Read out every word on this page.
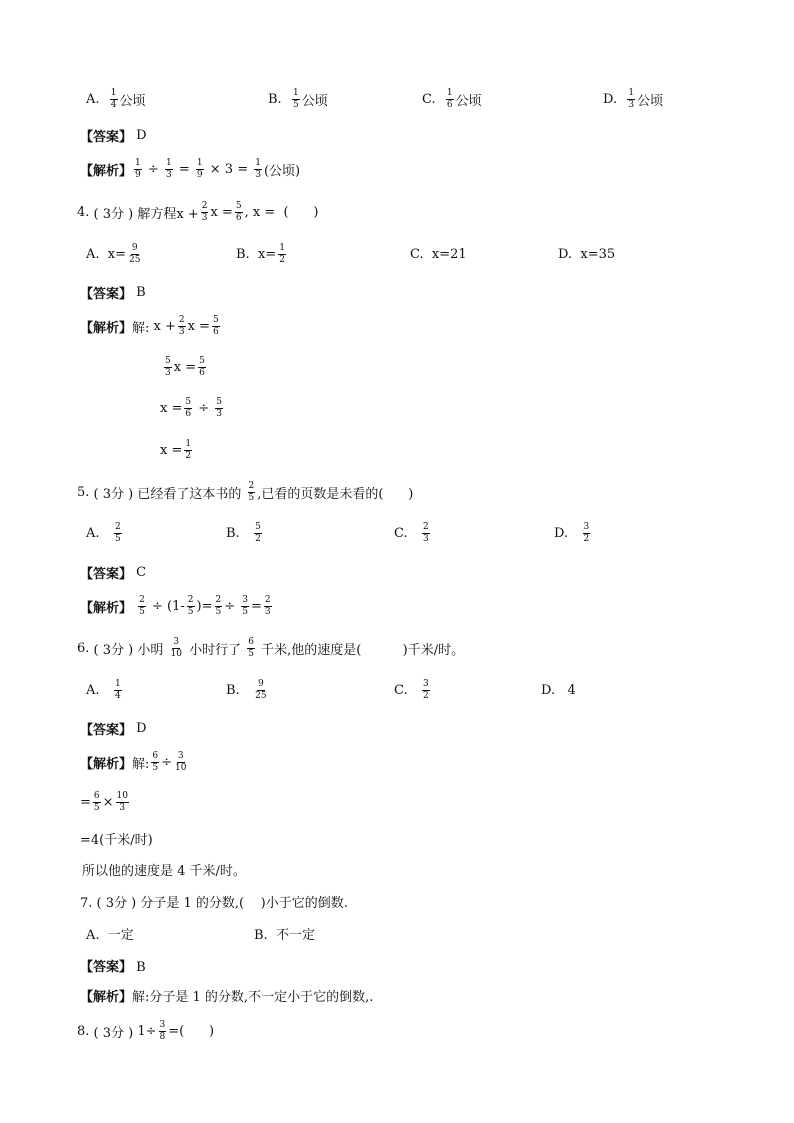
A.
$\frac{1}{4}$ 公顷	B.
$\frac{1}{5}$ 公顷	C.
$\frac{1}{6}$ 公顷	D.
$\frac{1}{3}$ 公顷
【答案】
D
【解析】 $\frac{1}{9}$
÷
$\frac{1}{3}$
=
$\frac{1}{9}$
×
3
=
$\frac{1}{3}$ (公顷)
4.
( 3分 )
解方程$x + \frac{2}{3}$ $x = \frac{5}{6}$ , x =  (      )
A.
$x= \frac{9}{25}$	B.
$x= \frac{1}{2}$	C. x=21	D. x=35
【答案】
B
【解析】 解:
$x + \frac{2}{3}$ $x = \frac{5}{6}$
$\frac{5}{3}$ $x = \frac{5}{6}$
$x = \frac{5}{6}$
÷
$\frac{5}{3}$
$x = \frac{1}{2}$
5.
( 3分 )
已经看了这本书的
$\frac{2}{5}$ ,已看的页数是未看的(      )
A.
$\frac{2}{5}$	B.
$\frac{5}{2}$	C.
$\frac{2}{3}$	D.
$\frac{3}{2}$
【答案】
C
【解析】
$\frac{2}{5} \div (1- \frac{2}{5}$ )= $\frac{2}{5}$ ÷
$\frac{3}{5} = \frac{2}{3}$
6.
( 3分 )
小明
$\frac{3}{10}$
小时行了
$\frac{6}{5}$
千米,他的速度是(          )千米/时。
A.
$\frac{1}{4}$	B.
$\frac{9}{25}$	C.
$\frac{3}{2}$	D. 4
【答案】
D
【解析】 解: $\frac{6}{5} \div \frac{3}{10}$
= $\frac{6}{5} \times \frac{10}{3}$
=4(千米/时)
所以他的速度是 4 千米/时。
7. ( 3分 ) 分子是 1 的分数,(    )小于它的倒数.
A. 一定	B. 不一定
【答案】 B
【解析】解:分子是 1 的分数,不一定小于它的倒数,.
8.
( 3分 )
$1\div \frac{3}{8}$ =(      )
